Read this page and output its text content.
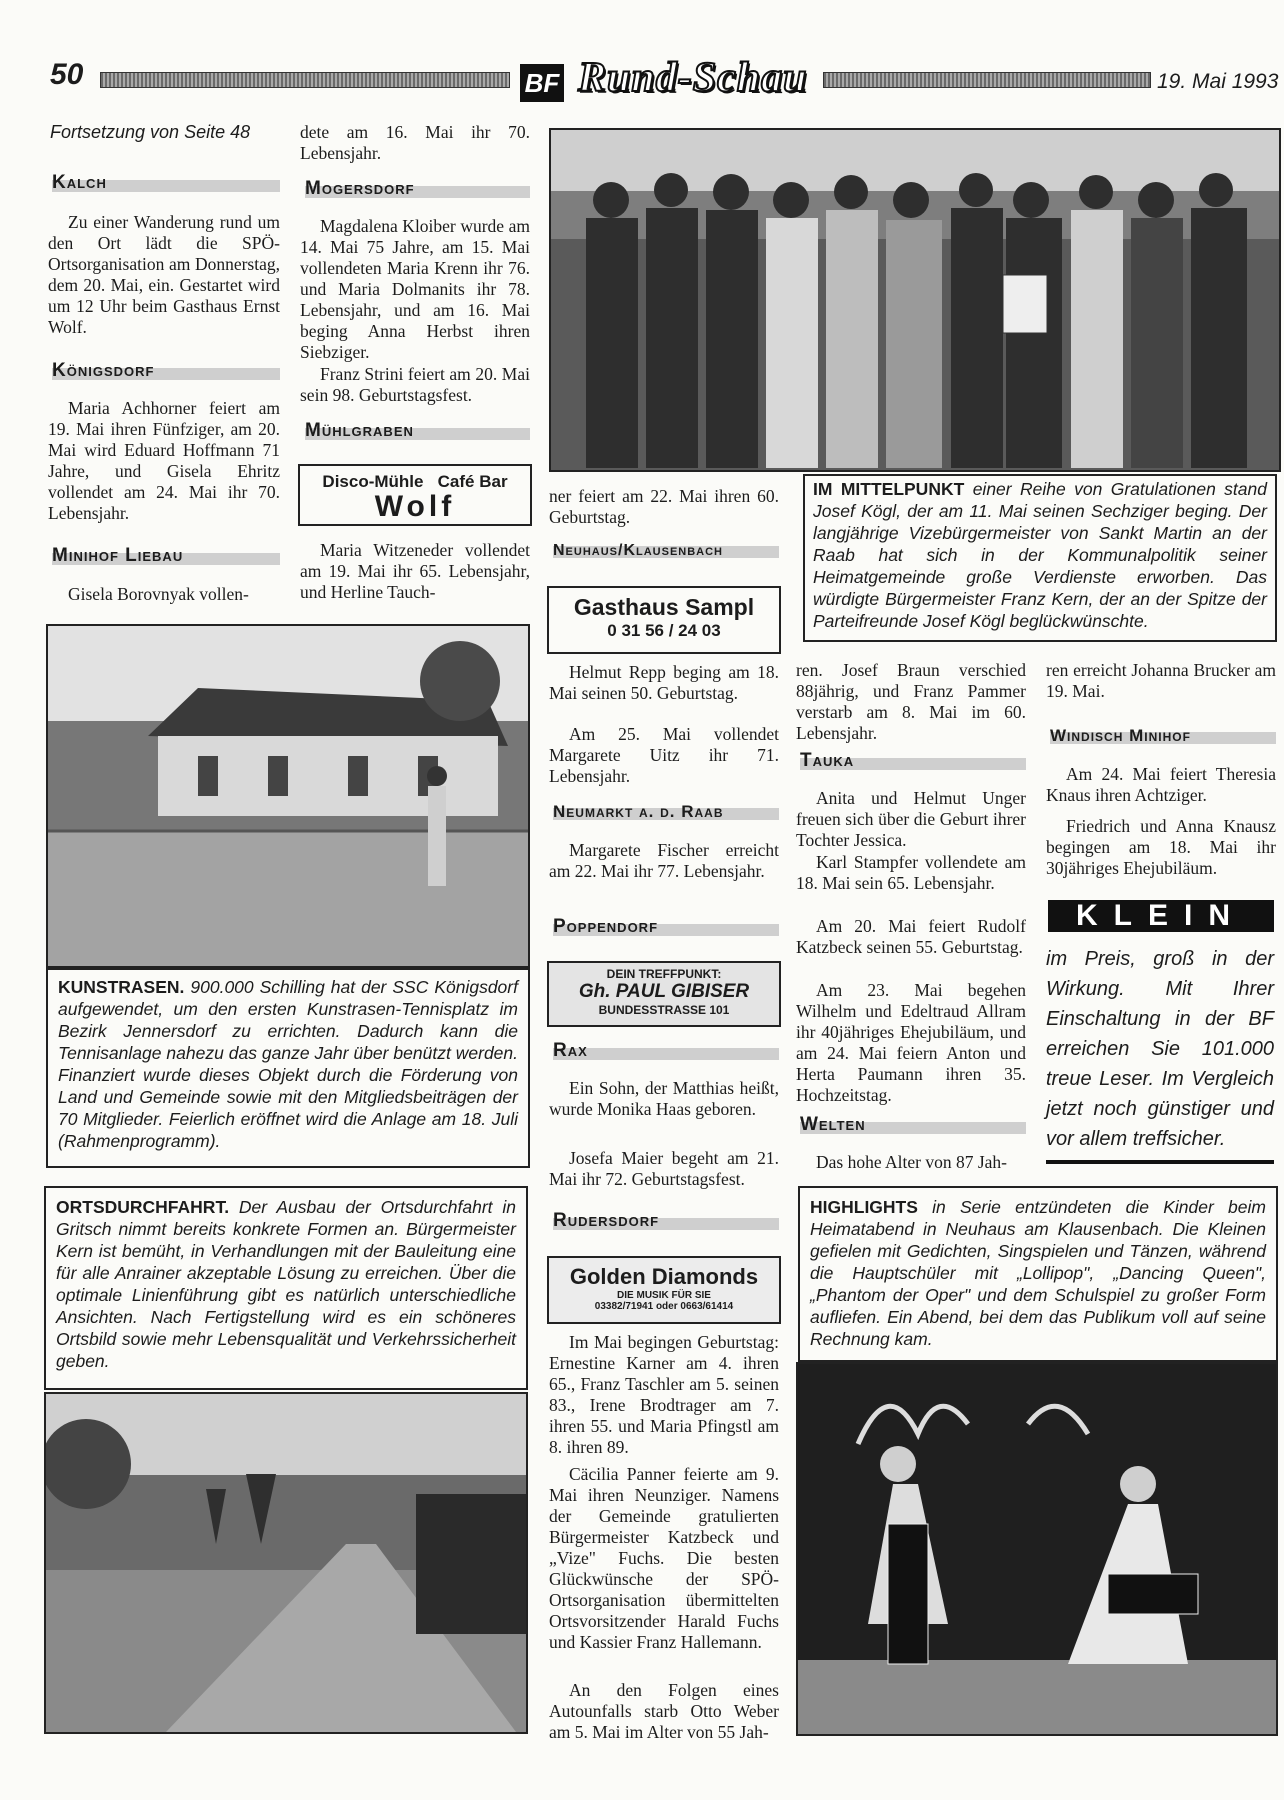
50	BF Rund-Schau	19. Mai 1993
Fortsetzung von Seite 48
Kalch
Zu einer Wanderung rund um den Ort lädt die SPÖ-Ortsorganisation am Donnerstag, dem 20. Mai, ein. Gestartet wird um 12 Uhr beim Gasthaus Ernst Wolf.
Königsdorf
Maria Achhorner feiert am 19. Mai ihren Fünfziger, am 20. Mai wird Eduard Hoffmann 71 Jahre, und Gisela Ehritz vollendet am 24. Mai ihr 70. Lebensjahr.
Minihof Liebau
Gisela Borovnyak vollen-
dete am 16. Mai ihr 70. Lebensjahr.
Mogersdorf
Magdalena Kloiber wurde am 14. Mai 75 Jahre, am 15. Mai vollendeten Maria Krenn ihr 76. und Maria Dolmanits ihr 78. Lebensjahr, und am 16. Mai beging Anna Herbst ihren Siebziger.
Franz Strini feiert am 20. Mai sein 98. Geburtstagsfest.
Mühlgraben
Disco-Mühle Café Bar
Wolf
Maria Witzeneder vollendet am 19. Mai ihr 65. Lebensjahr, und Herline Tauch-
IM MITTELPUNKT einer Reihe von Gratulationen stand Josef Kögl, der am 11. Mai seinen Sechziger beging. Der langjährige Vizebürgermeister von Sankt Martin an der Raab hat sich in der Kommunalpolitik seiner Heimatgemeinde große Verdienste erworben. Das würdigte Bürgermeister Franz Kern, der an der Spitze der Parteifreunde Josef Kögl beglückwünschte.
ner feiert am 22. Mai ihren 60. Geburtstag.
Neuhaus/Klausenbach
Gasthaus Sampl
0 31 56 / 24 03
Helmut Repp beging am 18. Mai seinen 50. Geburtstag.
Am 25. Mai vollendet Margarete Uitz ihr 71. Lebensjahr.
Neumarkt a. d. Raab
Margarete Fischer erreicht am 22. Mai ihr 77. Lebensjahr.
Poppendorf
DEIN TREFFPUNKT:
Gh. PAUL GIBISER
BUNDESSTRASSE 101
Rax
Ein Sohn, der Matthias heißt, wurde Monika Haas geboren.
Josefa Maier begeht am 21. Mai ihr 72. Geburtstagsfest.
Rudersdorf
Golden Diamonds
DIE MUSIK FÜR SIE
03382/71941 oder 0663/61414
Im Mai begingen Geburtstag: Ernestine Karner am 4. ihren 65., Franz Taschler am 5. seinen 83., Irene Brodtrager am 7. ihren 55. und Maria Pfingstl am 8. ihren 89.
Cäcilia Panner feierte am 9. Mai ihren Neunziger. Namens der Gemeinde gratulierten Bürgermeister Katzbeck und „Vize" Fuchs. Die besten Glückwünsche der SPÖ-Ortsorganisation übermittelten Ortsvorsitzender Harald Fuchs und Kassier Franz Hallemann.
An den Folgen eines Autounfalls starb Otto Weber am 5. Mai im Alter von 55 Jah-
ren. Josef Braun verschied 88jährig, und Franz Pammer verstarb am 8. Mai im 60. Lebensjahr.
Tauka
Anita und Helmut Unger freuen sich über die Geburt ihrer Tochter Jessica.
Karl Stampfer vollendete am 18. Mai sein 65. Lebensjahr.
Am 20. Mai feiert Rudolf Katzbeck seinen 55. Geburtstag.
Am 23. Mai begehen Wilhelm und Edeltraud Allram ihr 40jähriges Ehejubiläum, und am 24. Mai feiern Anton und Herta Paumann ihren 35. Hochzeitstag.
Welten
Das hohe Alter von 87 Jah-
ren erreicht Johanna Brucker am 19. Mai.
Windisch Minihof
Am 24. Mai feiert Theresia Knaus ihren Achtziger.
Friedrich und Anna Knausz begingen am 18. Mai ihr 30jähriges Ehejubiläum.
KLEIN
im Preis, groß in der Wirkung. Mit Ihrer Einschaltung in der BF erreichen Sie 101.000 treue Leser. Im Vergleich jetzt noch günstiger und vor allem treffsicher.
KUNSTRASEN. 900.000 Schilling hat der SSC Königsdorf aufgewendet, um den ersten Kunstrasen-Tennisplatz im Bezirk Jennersdorf zu errichten. Dadurch kann die Tennisanlage nahezu das ganze Jahr über benützt werden. Finanziert wurde dieses Objekt durch die Förderung von Land und Gemeinde sowie mit den Mitgliedsbeiträgen der 70 Mitglieder. Feierlich eröffnet wird die Anlage am 18. Juli (Rahmenprogramm).
ORTSDURCHFAHRT. Der Ausbau der Ortsdurchfahrt in Gritsch nimmt bereits konkrete Formen an. Bürgermeister Kern ist bemüht, in Verhandlungen mit der Bauleitung eine für alle Anrainer akzeptable Lösung zu erreichen. Über die optimale Linienführung gibt es natürlich unterschiedliche Ansichten. Nach Fertigstellung wird es ein schöneres Ortsbild sowie mehr Lebensqualität und Verkehrssicherheit geben.
HIGHLIGHTS in Serie entzündeten die Kinder beim Heimatabend in Neuhaus am Klausenbach. Die Kleinen gefielen mit Gedichten, Singspielen und Tänzen, während die Hauptschüler mit „Lollipop", „Dancing Queen", „Phantom der Oper" und dem Schulspiel zu großer Form aufliefen. Ein Abend, bei dem das Publikum voll auf seine Rechnung kam.
